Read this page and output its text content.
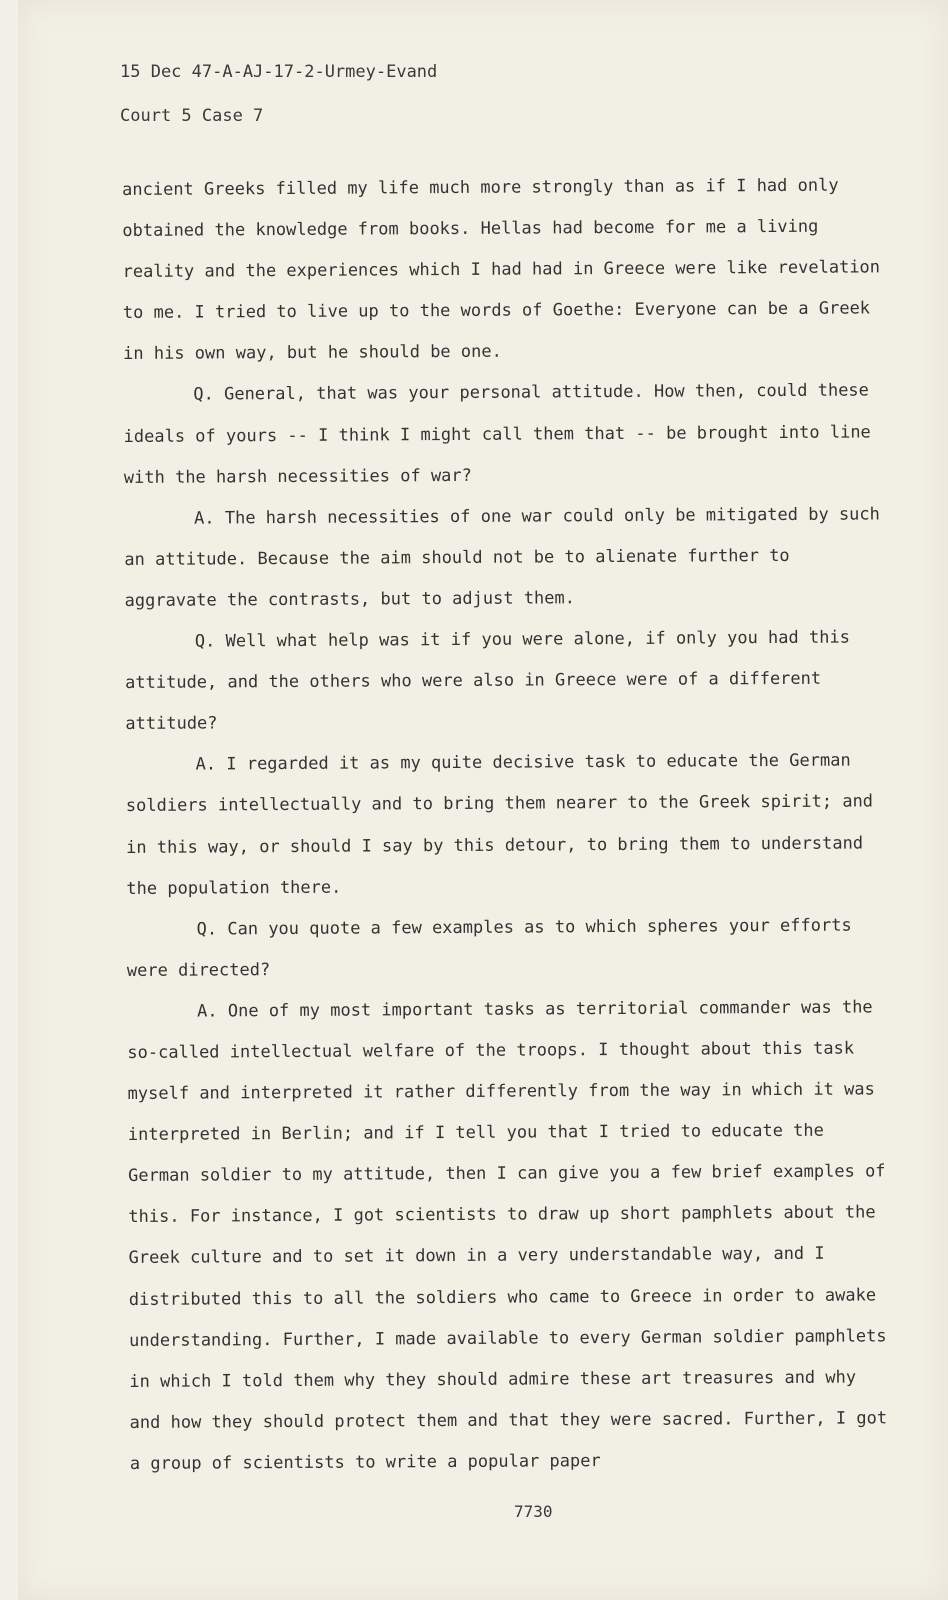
15 Dec 47-A-AJ-17-2-Urmey-Evand
Court 5 Case 7

ancient Greeks filled my life much more strongly than as if I had only obtained the knowledge from books. Hellas had become for me a living reality and the experiences which I had had in Greece were like revelation to me. I tried to live up to the words of Goethe: Everyone can be a Greek in his own way, but he should be one.

Q. General, that was your personal attitude. How then, could these ideals of yours -- I think I might call them that -- be brought into line with the harsh necessities of war?

A. The harsh necessities of one war could only be mitigated by such an attitude. Because the aim should not be to alienate further to aggravate the contrasts, but to adjust them.

Q. Well what help was it if you were alone, if only you had this attitude, and the others who were also in Greece were of a different attitude?

A. I regarded it as my quite decisive task to educate the German soldiers intellectually and to bring them nearer to the Greek spirit; and in this way, or should I say by this detour, to bring them to understand the population there.

Q. Can you quote a few examples as to which spheres your efforts were directed?

A. One of my most important tasks as territorial commander was the so-called intellectual welfare of the troops. I thought about this task myself and interpreted it rather differently from the way in which it was interpreted in Berlin; and if I tell you that I tried to educate the German soldier to my attitude, then I can give you a few brief examples of this. For instance, I got scientists to draw up short pamphlets about the Greek culture and to set it down in a very understandable way, and I distributed this to all the soldiers who came to Greece in order to awake understanding. Further, I made available to every German soldier pamphlets in which I told them why they should admire these art treasures and why and how they should protect them and that they were sacred. Further, I got a group of scientists to write a popular paper

7730
